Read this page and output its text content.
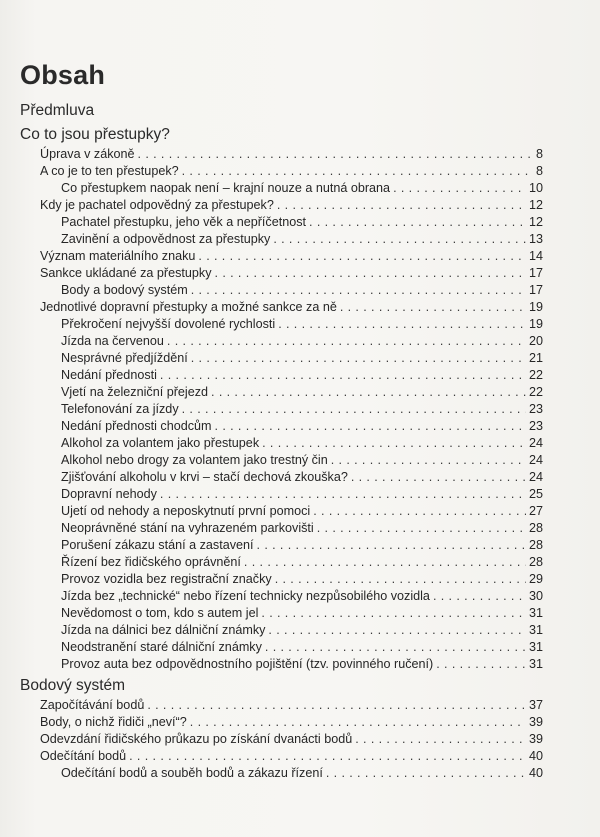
Obsah
Předmluva
Co to jsou přestupky?
Úprava v zákoně . . .	8
A co je to ten přestupek? . . .	8
Co přestupkem naopak není – krajní nouze a nutná obrana . . .	10
Kdy je pachatel odpovědný za přestupek? . . .	12
Pachatel přestupku, jeho věk a nepříčetnost . . .	12
Zavinění a odpovědnost za přestupky . . .	13
Význam materiálního znaku . . .	14
Sankce ukládané za přestupky . . .	17
Body a bodový systém . . .	17
Jednotlivé dopravní přestupky a možné sankce za ně . . .	19
Překročení nejvyšší dovolené rychlosti . . .	19
Jízda na červenou . . .	20
Nesprávné předjíždění . . .	21
Nedání přednosti . . .	22
Vjetí na železniční přejezd . . .	22
Telefonování za jízdy . . .	23
Nedání přednosti chodcům . . .	23
Alkohol za volantem jako přestupek . . .	24
Alkohol nebo drogy za volantem jako trestný čin . . .	24
Zjišťování alkoholu v krvi – stačí dechová zkouška? . . .	24
Dopravní nehody . . .	25
Ujetí od nehody a neposkytnutí první pomoci . . .	27
Neoprávněné stání na vyhrazeném parkovišti . . .	28
Porušení zákazu stání a zastavení . . .	28
Řízení bez řidičského oprávnění . . .	28
Provoz vozidla bez registrační značky . . .	29
Jízda bez „technické“ nebo řízení technicky nezpůsobilého vozidla . . .	30
Nevědomost o tom, kdo s autem jel . . .	31
Jízda na dálnici bez dálniční známky . . .	31
Neodstranění staré dálniční známky . . .	31
Provoz auta bez odpovědnostního pojištění (tzv. povinného ručení) . . .	31
Bodový systém
Započítávání bodů . . .	37
Body, o nichž řidiči „neví“? . . .	39
Odevzdání řidičského průkazu po získání dvanácti bodů . . .	39
Odečítání bodů . . .	40
Odečítání bodů a souběh bodů a zákazu řízení . . .	40
